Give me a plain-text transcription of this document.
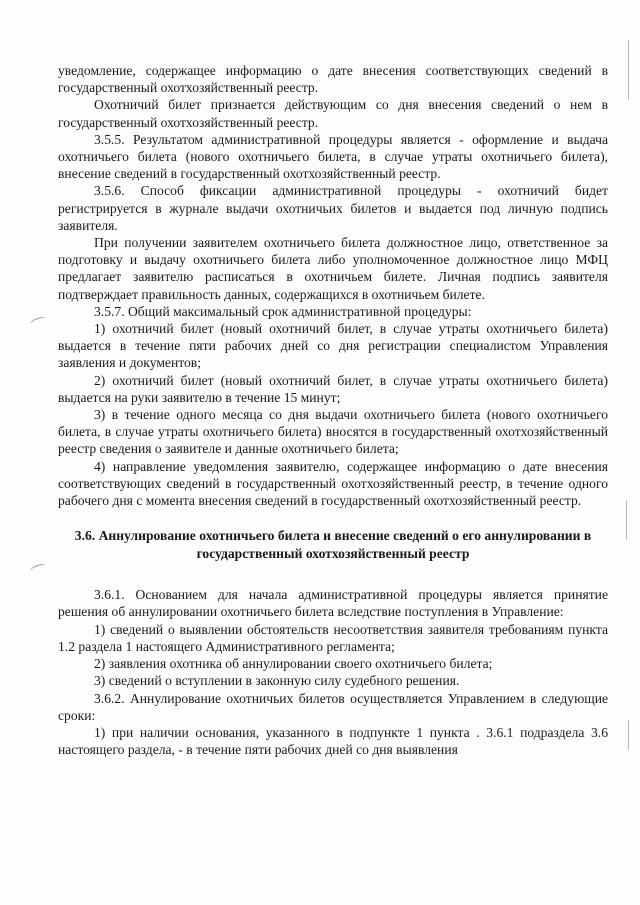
уведомление, содержащее информацию о дате внесения соответствующих сведений в государственный охотхозяйственный реестр.

Охотничий билет признается действующим со дня внесения сведений о нем в государственный охотхозяйственный реестр.

3.5.5. Результатом административной процедуры является - оформление и выдача охотничьего билета (нового охотничьего билета, в случае утраты охотничьего билета), внесение сведений в государственный охотхозяйственный реестр.

3.5.6. Способ фиксации административной процедуры - охотничий бидет регистрируется в журнале выдачи охотничьих билетов и выдается под личную подпись заявителя.

При получении заявителем охотничьего билета должностное лицо, ответственное за подготовку и выдачу охотничьего билета либо уполномоченное должностное лицо МФЦ предлагает заявителю расписаться в охотничьем билете. Личная подпись заявителя подтверждает правильность данных, содержащихся в охотничьем билете.

3.5.7. Общий максимальный срок административной процедуры:

1) охотничий билет (новый охотничий билет, в случае утраты охотничьего билета) выдается в течение пяти рабочих дней со дня регистрации специалистом Управления заявления и документов;

2) охотничий билет (новый охотничий билет, в случае утраты охотничьего билета) выдается на руки заявителю в течение 15 минут;

3) в течение одного месяца со дня выдачи охотничьего билета (нового охотничьего билета, в случае утраты охотничьего билета) вносятся в государственный охотхозяйственный реестр сведения о заявителе и данные охотничьего билета;

4) направление уведомления заявителю, содержащее информацию о дате внесения соответствующих сведений в государственный охотхозяйственный реестр, в течение одного рабочего дня с момента внесения сведений в государственный охотхозяйственный реестр.

3.6. Аннулирование охотничьего билета и внесение сведений о его аннулировании в государственный охотхозяйственный реестр

3.6.1. Основанием для начала административной процедуры является принятие решения об аннулировании охотничьего билета вследствие поступления в Управление:

1) сведений о выявлении обстоятельств несоответствия заявителя требованиям пункта 1.2 раздела 1 настоящего Административного регламента;

2) заявления охотника об аннулировании своего охотничьего билета;

3) сведений о вступлении в законную силу судебного решения.

3.6.2. Аннулирование охотничьих билетов осуществляется Управлением в следующие сроки:

1) при наличии основания, указанного в подпункте 1 пункта . 3.6.1 подраздела 3.6 настоящего раздела, - в течение пяти рабочих дней со дня выявления
